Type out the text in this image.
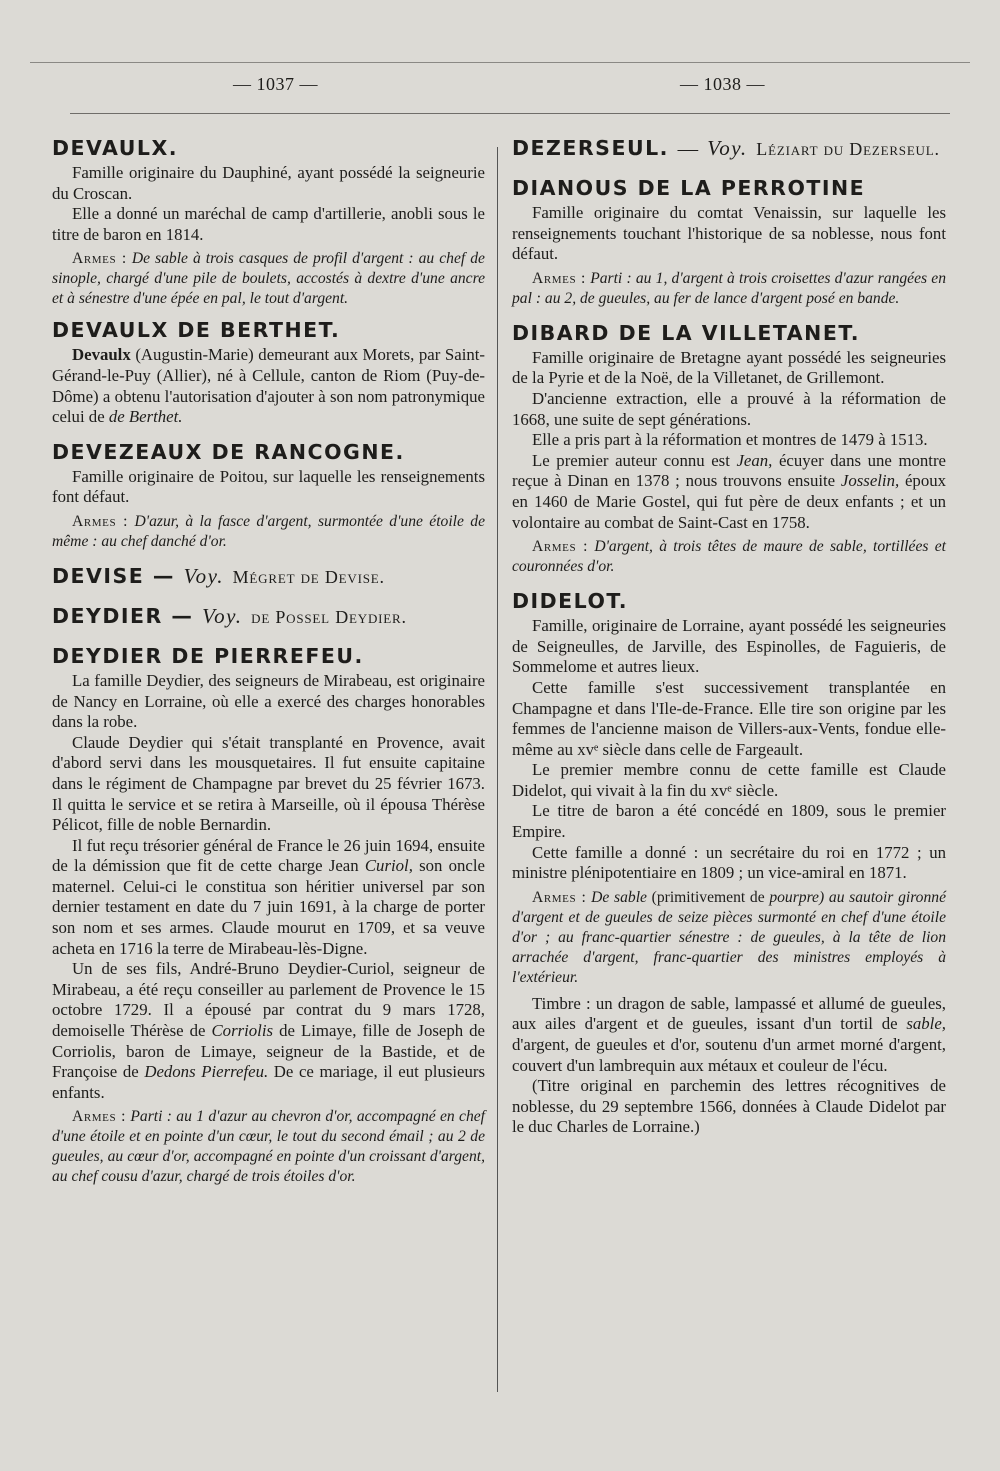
— 1037 —	— 1038 —
DEVAULX.

Famille originaire du Dauphiné, ayant possédé la seigneurie du Croscan.

Elle a donné un maréchal de camp d'artillerie, anobli sous le titre de baron en 1814.

Armes : De sable à trois casques de profil d'argent : au chef de sinople, chargé d'une pile de boulets, accostés à dextre d'une ancre et à sénestre d'une épée en pal, le tout d'argent.

DEVAULX DE BERTHET.

Devaulx (Augustin-Marie) demeurant aux Morets, par Saint-Gérand-le-Puy (Allier), né à Cellule, canton de Riom (Puy-de-Dôme) a obtenu l'autorisation d'ajouter à son nom patronymique celui de de Berthet.

DEVEZEAUX DE RANCOGNE.

Famille originaire de Poitou, sur laquelle les renseignements font défaut.

Armes : D'azur, à la fasce d'argent, surmontée d'une étoile de même : au chef danché d'or.

DEVISE — Voy. Mégret de Devise.
DEYDIER — Voy. de Possel Deydier.
DEYDIER DE PIERREFEU.

La famille Deydier, des seigneurs de Mirabeau, est originaire de Nancy en Lorraine, où elle a exercé des charges honorables dans la robe.

Claude Deydier qui s'était transplanté en Provence, avait d'abord servi dans les mousquetaires. Il fut ensuite capitaine dans le régiment de Champagne par brevet du 25 février 1673. Il quitta le service et se retira à Marseille, où il épousa Thérèse Pélicot, fille de noble Bernardin.

Il fut reçu trésorier général de France le 26 juin 1694, ensuite de la démission que fit de cette charge Jean Curiol, son oncle maternel. Celui-ci le constitua son héritier universel par son dernier testament en date du 7 juin 1691, à la charge de porter son nom et ses armes. Claude mourut en 1709, et sa veuve acheta en 1716 la terre de Mirabeau-lès-Digne.

Un de ses fils, André-Bruno Deydier-Curiol, seigneur de Mirabeau, a été reçu conseiller au parlement de Provence le 15 octobre 1729. Il a épousé par contrat du 9 mars 1728, demoiselle Thérèse de Corriolis de Limaye, fille de Joseph de Corriolis, baron de Limaye, seigneur de la Bastide, et de Françoise de Dedons Pierrefeu. De ce mariage, il eut plusieurs enfants.

Armes : Parti : au 1 d'azur au chevron d'or, accompagné en chef d'une étoile et en pointe d'un cœur, le tout du second émail ; au 2 de gueules, au cœur d'or, accompagné en pointe d'un croissant d'argent, au chef cousu d'azur, chargé de trois étoiles d'or.

DEZERSEUL. — Voy. Léziart du Dezerseul.
DIANOUS DE LA PERROTINE

Famille originaire du comtat Venaissin, sur laquelle les renseignements touchant l'historique de sa noblesse, nous font défaut.

Armes : Parti : au 1, d'argent à trois croisettes d'azur rangées en pal : au 2, de gueules, au fer de lance d'argent posé en bande.

DIBARD DE LA VILLETANET.

Famille originaire de Bretagne ayant possédé les seigneuries de la Pyrie et de la Noë, de la Villetanet, de Grillemont.

D'ancienne extraction, elle a prouvé à la réformation de 1668, une suite de sept générations.

Elle a pris part à la réformation et montres de 1479 à 1513.

Le premier auteur connu est Jean, écuyer dans une montre reçue à Dinan en 1378 ; nous trouvons ensuite Josselin, époux en 1460 de Marie Gostel, qui fut père de deux enfants ; et un volontaire au combat de Saint-Cast en 1758.

Armes : D'argent, à trois têtes de maure de sable, tortillées et couronnées d'or.

DIDELOT.

Famille, originaire de Lorraine, ayant possédé les seigneuries de Seigneulles, de Jarville, des Espinolles, de Faguieris, de Sommelome et autres lieux.

Cette famille s'est successivement transplantée en Champagne et dans l'Ile-de-France. Elle tire son origine par les femmes de l'ancienne maison de Villers-aux-Vents, fondue elle-même au xvᵉ siècle dans celle de Fargeault.

Le premier membre connu de cette famille est Claude Didelot, qui vivait à la fin du xvᵉ siècle.

Le titre de baron a été concédé en 1809, sous le premier Empire.

Cette famille a donné : un secrétaire du roi en 1772 ; un ministre plénipotentiaire en 1809 ; un vice-amiral en 1871.

Armes : De sable (primitivement de pourpre) au sautoir gironné d'argent et de gueules de seize pièces surmonté en chef d'une étoile d'or ; au franc-quartier sénestre : de gueules, à la tête de lion arrachée d'argent, franc-quartier des ministres employés à l'extérieur.

Timbre : un dragon de sable, lampassé et allumé de gueules, aux ailes d'argent et de gueules, issant d'un tortil de sable, d'argent, de gueules et d'or, soutenu d'un armet morné d'argent, couvert d'un lambrequin aux métaux et couleur de l'écu.

(Titre original en parchemin des lettres récognitives de noblesse, du 29 septembre 1566, données à Claude Didelot par le duc Charles de Lorraine.)
